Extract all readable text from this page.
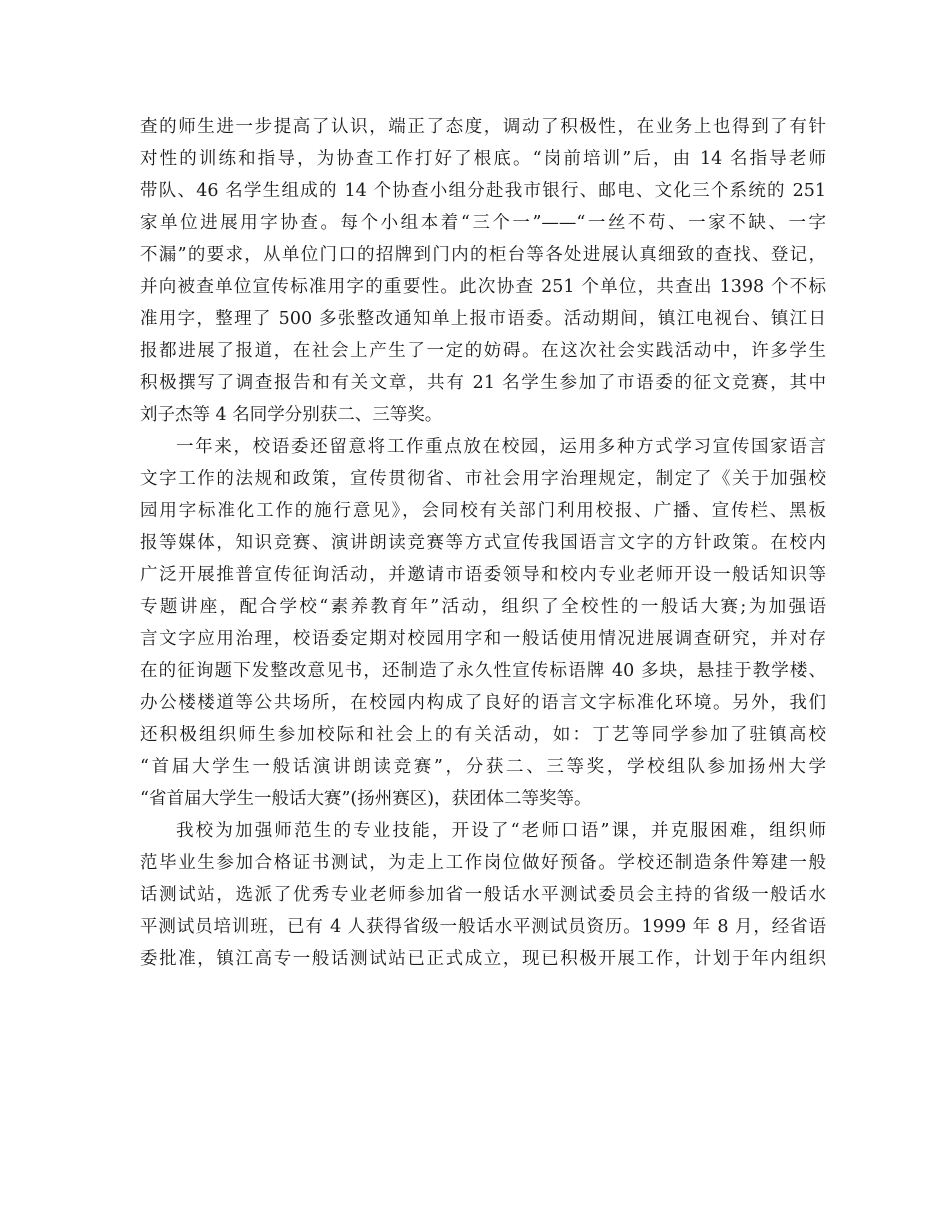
查的师生进一步提高了认识，端正了态度，调动了积极性，在业务上也得到了有针
对性的训练和指导，为协查工作打好了根底。“岗前培训”后，由 14 名指导老师
带队、46 名学生组成的 14 个协查小组分赴我市银行、邮电、文化三个系统的 251
家单位进展用字协查。每个小组本着“三个一”——“一丝不苟、一家不缺、一字
不漏”的要求，从单位门口的招牌到门内的柜台等各处进展认真细致的查找、登记，
并向被查单位宣传标准用字的重要性。此次协查 251 个单位，共查出 1398 个不标
准用字，整理了 500 多张整改通知单上报市语委。活动期间，镇江电视台、镇江日
报都进展了报道，在社会上产生了一定的妨碍。在这次社会实践活动中，许多学生
积极撰写了调查报告和有关文章，共有 21 名学生参加了市语委的征文竞赛，其中
刘子杰等 4 名同学分别获二、三等奖。
一年来，校语委还留意将工作重点放在校园，运用多种方式学习宣传国家语言
文字工作的法规和政策，宣传贯彻省、市社会用字治理规定，制定了《关于加强校
园用字标准化工作的施行意见》，会同校有关部门利用校报、广播、宣传栏、黑板
报等媒体，知识竞赛、演讲朗读竞赛等方式宣传我国语言文字的方针政策。在校内
广泛开展推普宣传征询活动，并邀请市语委领导和校内专业老师开设一般话知识等
专题讲座，配合学校“素养教育年”活动，组织了全校性的一般话大赛;为加强语
言文字应用治理，校语委定期对校园用字和一般话使用情况进展调查研究，并对存
在的征询题下发整改意见书，还制造了永久性宣传标语牌 40 多块，悬挂于教学楼、
办公楼楼道等公共场所，在校园内构成了良好的语言文字标准化环境。另外，我们
还积极组织师生参加校际和社会上的有关活动，如：丁艺等同学参加了驻镇高校
“首届大学生一般话演讲朗读竞赛”，分获二、三等奖，学校组队参加扬州大学
“省首届大学生一般话大赛”(扬州赛区)，获团体二等奖等。
我校为加强师范生的专业技能，开设了“老师口语”课，并克服困难，组织师
范毕业生参加合格证书测试，为走上工作岗位做好预备。学校还制造条件筹建一般
话测试站，选派了优秀专业老师参加省一般话水平测试委员会主持的省级一般话水
平测试员培训班，已有 4 人获得省级一般话水平测试员资历。1999 年 8 月，经省语
委批准，镇江高专一般话测试站已正式成立，现已积极开展工作，计划于年内组织
